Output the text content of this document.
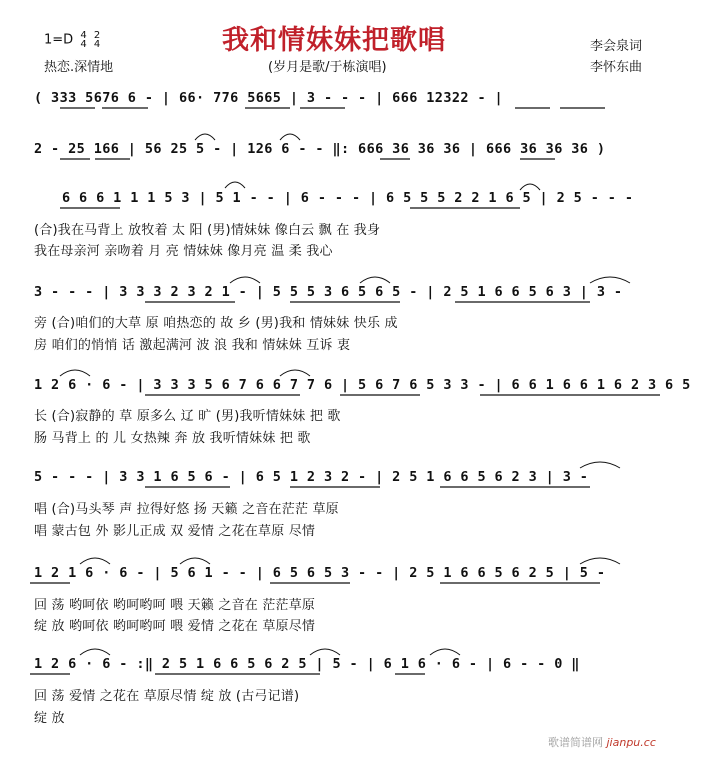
1=D 4
4 2
4	我和情妹妹把歌唱	李会泉词
热恋.深情地	(岁月是歌/于栋演唱)	李怀东曲
( 333 5676 6 - | 66· 776 5665 | 3 - - - | 666 12322 - |
2 - 25 166 | 56 25 5 - | 126 6 - - ‖: 666 36 36 36 | 666 36 36 36 )
6 6 6 1 1 1 5 3 | 5 1 - - | 6 - - - | 6 5 5 5 2 2 1 6 5 | 2 5 - - -
(合)我在马背上 放牧着 太 阳 (男)情妹妹 像白云 飘 在 我身
我在母亲河 亲吻着 月 亮 情妹妹 像月亮 温 柔 我心
3 - - - | 3 3 3 2 3 2 1 - | 5 5 5 3 6 5 6 5 - | 2 5 1 6 6 5 6 3 | 3 -
旁 (合)咱们的大草 原 咱热恋的 故 乡 (男)我和 情妹妹 快乐 成
房 咱们的悄悄 话 激起满河 波 浪 我和 情妹妹 互诉 衷
1 2 6 · 6 - | 3 3 3 5 6 7 6 6 7 7 6 | 5 6 7 6 5 3 3 - | 6 6 1 6 6 1 6 2 3 6 5
长 (合)寂静的 草 原多么 辽 旷 (男)我听情妹妹 把 歌
肠 马背上 的 儿 女热辣 奔 放 我听情妹妹 把 歌
5 - - - | 3 3 1 6 5 6 - | 6 5 1 2 3 2 - | 2 5 1 6 6 5 6 2 3 | 3 -
唱 (合)马头琴 声 拉得好悠 扬 天籁 之音在茫茫 草原
唱 蒙古包 外 影儿正成 双 爱情 之花在草原 尽情
1 2 1 6 · 6 - | 5 6 1 - - | 6 5 6 5 3 - - | 2 5 1 6 6 5 6 2 5 | 5 -
回 荡 哟呵依 哟呵哟呵 喂 天籁 之音在 茫茫草原
绽 放 哟呵依 哟呵哟呵 喂 爱情 之花在 草原尽情
1 2 6 · 6 - :‖ 2 5 1 6 6 5 6 2 5 | 5 - | 6 1 6 · 6 - | 6 - - 0 ‖
回 荡 爱情 之花在 草原尽情 绽 放 (古弓记谱)
绽 放
歌谱简谱网 jianpu.cc
